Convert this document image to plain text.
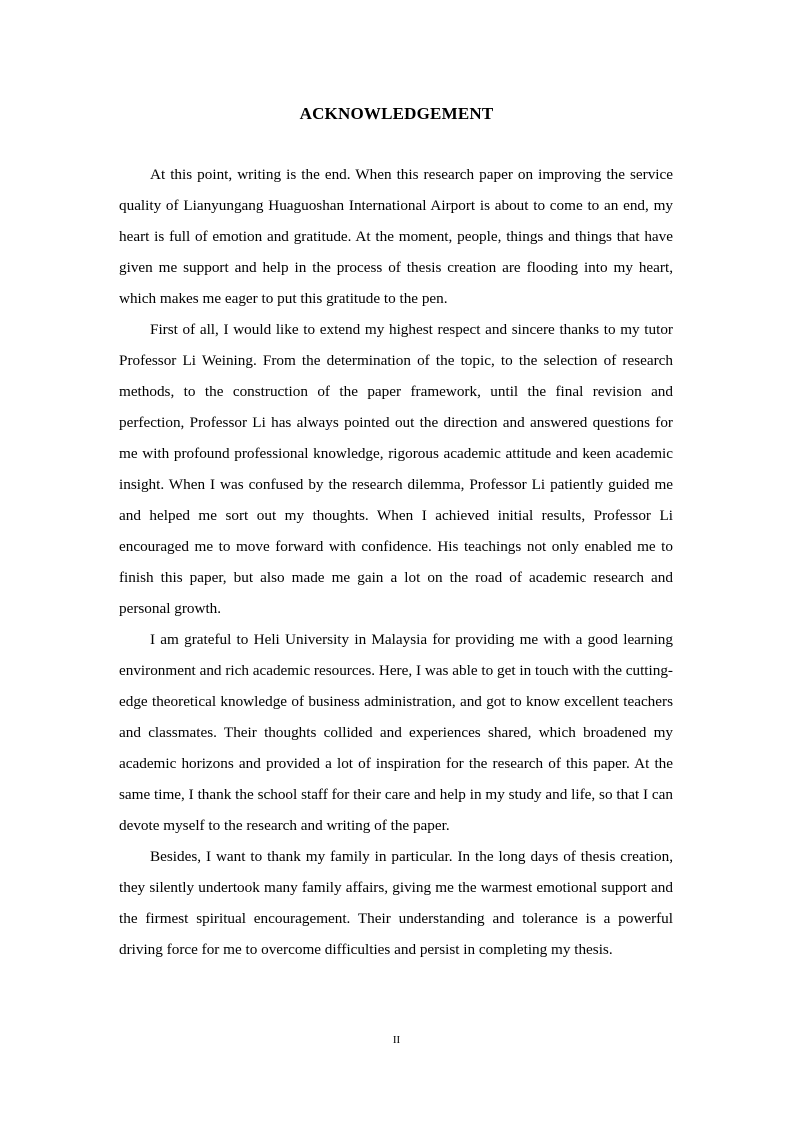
ACKNOWLEDGEMENT

At this point, writing is the end. When this research paper on improving the service quality of Lianyungang Huaguoshan International Airport is about to come to an end, my heart is full of emotion and gratitude. At the moment, people, things and things that have given me support and help in the process of thesis creation are flooding into my heart, which makes me eager to put this gratitude to the pen.

First of all, I would like to extend my highest respect and sincere thanks to my tutor Professor Li Weining. From the determination of the topic, to the selection of research methods, to the construction of the paper framework, until the final revision and perfection, Professor Li has always pointed out the direction and answered questions for me with profound professional knowledge, rigorous academic attitude and keen academic insight. When I was confused by the research dilemma, Professor Li patiently guided me and helped me sort out my thoughts. When I achieved initial results, Professor Li encouraged me to move forward with confidence. His teachings not only enabled me to finish this paper, but also made me gain a lot on the road of academic research and personal growth.

I am grateful to Heli University in Malaysia for providing me with a good learning environment and rich academic resources. Here, I was able to get in touch with the cutting-edge theoretical knowledge of business administration, and got to know excellent teachers and classmates. Their thoughts collided and experiences shared, which broadened my academic horizons and provided a lot of inspiration for the research of this paper. At the same time, I thank the school staff for their care and help in my study and life, so that I can devote myself to the research and writing of the paper.

Besides, I want to thank my family in particular. In the long days of thesis creation, they silently undertook many family affairs, giving me the warmest emotional support and the firmest spiritual encouragement. Their understanding and tolerance is a powerful driving force for me to overcome difficulties and persist in completing my thesis.

II
